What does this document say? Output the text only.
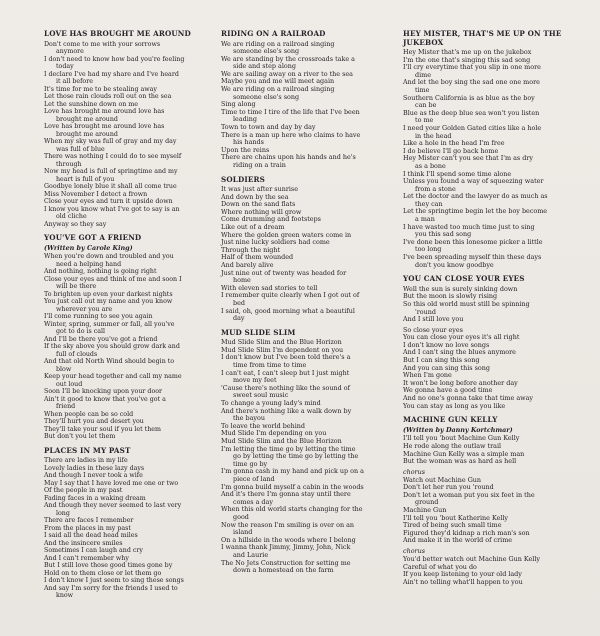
LOVE HAS BROUGHT ME AROUND
Don't come to me with your sorrows
anymore
I don't need to know how bad you're feeling
today
I declare I've had my share and I've heard
it all before
It's time for me to be stealing away
Let those rain clouds roll out on the sea
Let the sunshine down on me
Love has brought me around love has
brought me around
Love has brought me around love has
brought me around
When my sky was full of gray and my day
was full of blue
There was nothing I could do to see myself
through
Now my head is full of springtime and my
heart is full of you
Goodbye lonely blue it shall all come true
Miss November I detect a frown
Close your eyes and turn it upside down
I know you know what I've got to say is an
old cliche
Anyway so they say
YOU'VE GOT A FRIEND
(Written by Carole King)
When you're down and troubled and you
need a helping hand
And nothing, nothing is going right
Close your eyes and think of me and soon I
will be there
To brighten up even your darkest nights
You just call out my name and you know
wherever you are
I'll come running to see you again
Winter, spring, summer or fall, all you've
got to do is call
And I'll be there you've got a friend
If the sky above you should grow dark and
full of clouds
And that old North Wind should begin to
blow
Keep your head together and call my name
out loud
Soon I'll be knocking upon your door
Ain't it good to know that you've got a
friend
When people can be so cold
They'll hurt you and desert you
They'll take your soul if you let them
But don't you let them
PLACES IN MY PAST
There are ladies in my life
Lovely ladies in these lazy days
And though I never took a wife
May I say that I have loved me one or two
Of the people in my past
Fading faces in a waking dream
And though they never seemed to last very
long
There are faces I remember
From the places in my past
I said all the dead head miles
And the insincere smiles
Sometimes I can laugh and cry
And I can't remember why
But I still love those good times gone by
Hold on to them close or let them go
I don't know I just seem to sing these songs
And say I'm sorry for the friends I used to
know
RIDING ON A RAILROAD
We are riding on a railroad singing
someone else's song
We are standing by the crossroads take a
side and step along
We are sailing away on a river to the sea
Maybe you and me will meet again
We are riding on a railroad singing
someone else's song
Sing along
Time to time I tire of the life that I've been
leading
Town to town and day by day
There is a man up here who claims to have
his hands
Upon the reins
There are chains upon his hands and he's
riding on a train
SOLDIERS
It was just after sunrise
And down by the sea
Down on the sand flats
Where nothing will grow
Come drumming and footsteps
Like out of a dream
Where the golden green waters come in
Just nine lucky soldiers had come
Through the night
Half of them wounded
And barely alive
Just nine out of twenty was headed for
home
With eleven sad stories to tell
I remember quite clearly when I got out of
bed
I said, oh, good morning what a beautiful
day
MUD SLIDE SLIM
Mud Slide Slim and the Blue Horizon
Mud Slide Slim I'm dependent on you
I don't know but I've been told there's a
time from time to time
I can't eat, I can't sleep but I just might
move my feet
'Cause there's nothing like the sound of
sweet soul music
To change a young lady's mind
And there's nothing like a walk down by
the bayou
To leave the world behind
Mud Slide I'm depending on you
Mud Slide Slim and the Blue Horizon
I'm letting the time go by letting the time
go by letting the time go by letting the
time go by
I'm gonna cash in my hand and pick up on a
piece of land
I'm gonna build myself a cabin in the woods
And it's there I'm gonna stay until there
comes a day
When this old world starts changing for the
good
Now the reason I'm smiling is over on an
island
On a hillside in the woods where I belong
I wanna thank Jimmy, Jimmy, John, Nick
and Laurie
The No Jets Construction for setting me
down a homestead on the farm
HEY MISTER, THAT'S ME UP ON THE JUKEBOX
Hey Mister that's me up on the jukebox
I'm the one that's singing this sad song
I'll cry everytime that you slip in one more
dime
And let the boy sing the sad one one more
time
Southern California is as blue as the boy
can be
Blue as the deep blue sea won't you listen
to me
I need your Golden Gated cities like a hole
in the head
Like a hole in the head I'm free
I do believe I'll go back home
Hey Mister can't you see that I'm as dry
as a bone
I think I'll spend some time alone
Unless you found a way of squeezing water
from a stone
Let the doctor and the lawyer do as much as
they can
Let the springtime begin let the boy become
a man
I have wasted too much time just to sing
you this sad song
I've done been this lonesome picker a little
too long
I've been spreading myself thin these days
don't you know goodbye
YOU CAN CLOSE YOUR EYES
Well the sun is surely sinking down
But the moon is slowly rising
So this old world must still be spinning
'round
And I still love you
So close your eyes
You can close your eyes it's all right
I don't know no love songs
And I can't sing the blues anymore
But I can sing this song
And you can sing this song
When I'm gone
It won't be long before another day
We gonna have a good time
And no one's gonna take that time away
You can stay as long as you like
MACHINE GUN KELLY
(Written by Danny Kortchmar)
I'll tell you 'bout Machine Gun Kelly
He rode along the outlaw trail
Machine Gun Kelly was a simple man
But the woman was as hard as hell
chorus
Watch out Machine Gun
Don't let her run you 'round
Don't let a woman put you six feet in the
ground
Machine Gun
I'll tell you 'bout Katherine Kelly
Tired of being such small time
Figured they'd kidnap a rich man's son
And make it in the world of crime
chorus
You'd better watch out Machine Gun Kelly
Careful of what you do
If you keep listening to your old lady
Ain't no telling what'll happen to you
